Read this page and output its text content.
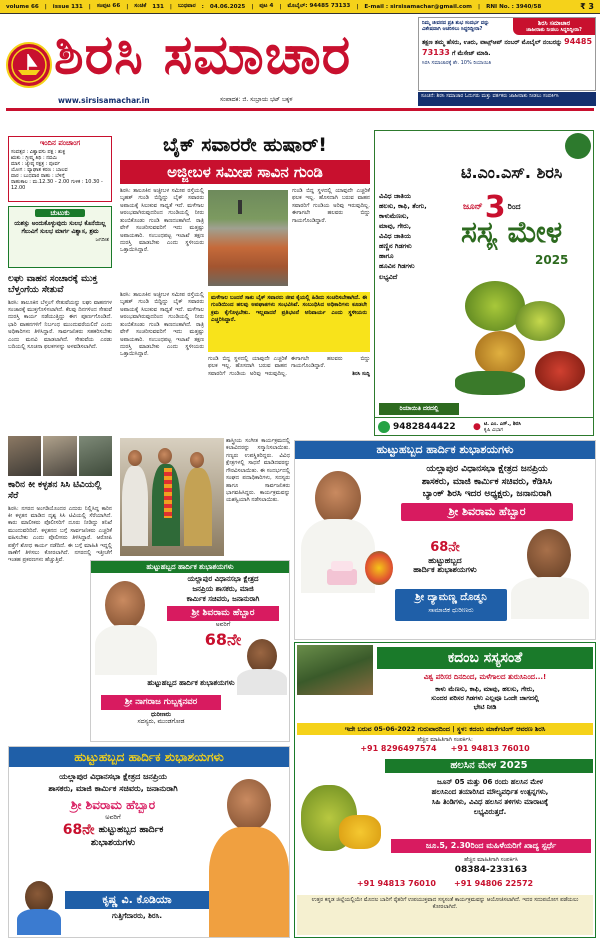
volume 66 | issue 131 | ಸಂಪುಟ 66 | ಸಂಚಿಕೆ 131 | ಬುಧವಾರ : 04.06.2025 | ಪುಟ 4 | ಮೊಬೈಲ್: 94485 73133 | E-mail : sirsisamachar@gmail.com | RNI No. : 3940/58	₹ 3
ಶಿರಸಿ ಸಮಾಚಾರ
www.sirsisamachar.in	ಸಂಪಾದಕ: ಜಿ. ಸುಬ್ರಾಯ ಭಟ್ ಬಕ್ಕಳ
ನಿಮ್ಮ ಜೀವನದ ಪ್ರತಿ ಶುಭ ಸಂದರ್ಭ ವನ್ನು
ವಿಶೇಷವಾಗಿ ಆಚರಿಸಲು ಸಿದ್ಧರಿದ್ದೀರಾ?
ಶಿರಸಿ ಸಮಾಚಾರ
ಜಾಹೀರಾತು ನೀಡಲು ಸಿದ್ಧರಿದ್ದೀರಾ?
ತಕ್ಷಣ ತಮ್ಮ ಹೆಸರು, ಊರು, ವಾಟ್ಸ್‌ಆಪ್ ನಂಬರ್ ಮೊಬೈಲ್ ನಂಬರನ್ನು 94485 73133 ಗೆ ಮೆಸೇಜ್ ಮಾಡಿ.
ಸಿರಸಿ ಸಮಾಚಾರಕ್ಕೆ ಶೇ. 10% ರಿಯಾಯಿತಿ
ಸೂಚನೆ: ಶಿರಸಿ ಸಮಾಚಾರ ಓದುಗರು ಮತ್ತು ವರ್ತಕರು ಜಾಹೀರಾತು ನೀಡಲು ಸಂಪರ್ಕಿಸಿ
ಇಂದಿನ ಪಂಚಾಂಗ
ಸಂವತ್ಸರ : ವಿಶ್ವಾವಸು ಪಕ್ಷ : ಶುಕ್ಲ
ಋತು : ಗ್ರೀಷ್ಮ ತಿಥಿ : ನವಮಿ
ಮಾಸ : ಜ್ಯೇಷ್ಠ ನಕ್ಷತ್ರ : ಪೂರ್ವ
ಯೋಗ : ವ್ಯಾಘಾತ ಕರಣ : ಬಾಲವ
ವಾರ : ಬುಧವಾರ ರಾಹು : ಬೆಳಿಗ್ಗೆ
ರಾಹುಕಾಲ : ಮ.12.30 - 2.00 ಗುಳಿಕ : 10.30 - 12.00
ಚುಟುಕು
ಯಶಸ್ಸು ಅಂದುಕೊಳ್ಳುವುದು ಸುಲಭ ಕೊನೆಯಿಲ್ಲ ಗೆಲುವಿಗೆ ಸುಲಭ ಮಾರ್ಗ ವಿಶ್ವಾಸ, ಶ್ರಮ
ಜಗದೀಶ
ಲಘು ವಾಹನ ಸಂಚಾರಕ್ಕೆ ಮುಕ್ತ ಬೆಳ್ತಂಗೆಯ ಸೇತುವೆ
ಶಿರಸಿ: ತಾಲೂಕಿನ ಬೆಳ್ತಂಗೆ ಸೇತುವೆಯನ್ನು ಲಘು ವಾಹನಗಳ ಸಂಚಾರಕ್ಕೆ ಮುಕ್ತಗೊಳಿಸಲಾಗಿದೆ. ಕೆಲವು ದಿನಗಳಿಂದ ಸೇತುವೆ ದುರಸ್ತಿ ಕಾರ್ಯ ನಡೆಯುತ್ತಿದ್ದು ಈಗ ಪೂರ್ಣಗೊಂಡಿದೆ. ಭಾರಿ ವಾಹನಗಳಿಗೆ ನಿರ್ಬಂಧ ಮುಂದುವರೆಯಲಿದೆ ಎಂದು ಅಧಿಕಾರಿಗಳು ತಿಳಿಸಿದ್ದಾರೆ. ಸಾರ್ವಜನಿಕರು ಸಹಕರಿಸಬೇಕು ಎಂದು ಮನವಿ ಮಾಡಲಾಗಿದೆ. ಸೇತುವೆಯ ಎರಡು ಬದಿಯಲ್ಲಿ ಸೂಚನಾ ಫಲಕಗಳನ್ನು ಅಳವಡಿಸಲಾಗಿದೆ.
ಕಾರಿನ ಕೀ ಕಳ್ಳತನ ಸಿಸಿ ಟಿವಿಯಲ್ಲಿ ಸೆರೆ
ಶಿರಸಿ: ನಗರದ ಅಂಗಡಿಯೊಂದರ ಎದುರು ನಿಲ್ಲಿಸಿದ್ದ ಕಾರಿನ ಕೀ ಕಳ್ಳತನ ಮಾಡಿದ ದೃಶ್ಯ ಸಿಸಿ ಟಿವಿಯಲ್ಲಿ ಸೆರೆಯಾಗಿದೆ. ಕಾರು ಮಾಲೀಕರು ಪೊಲೀಸರಿಗೆ ದೂರು ನೀಡಿದ್ದು ತನಿಖೆ ಮುಂದುವರಿದಿದೆ. ಕಳ್ಳತನದ ಬಗ್ಗೆ ಸಾರ್ವಜನಿಕರು ಎಚ್ಚರಿಕೆ ವಹಿಸಬೇಕು ಎಂದು ಪೊಲೀಸರು ತಿಳಿಸಿದ್ದಾರೆ. ಆರೋಪಿ ಪತ್ತೆಗೆ ಶೋಧ ಕಾರ್ಯ ನಡೆದಿದೆ. ಈ ಬಗ್ಗೆ ಮಾಹಿತಿ ಇದ್ದಲ್ಲಿ ಠಾಣೆಗೆ ತಿಳಿಸಲು ಕೋರಲಾಗಿದೆ. ನಗರದಲ್ಲಿ ಇತ್ತೀಚೆಗೆ ಇಂತಹ ಪ್ರಕರಣಗಳು ಹೆಚ್ಚುತ್ತಿವೆ.
ಬೈಕ್ ಸವಾರರೇ ಹುಷಾರ್!
ಅಜ್ಜೀಬಳ ಸಮೀಪ ಸಾವಿನ ಗುಂಡಿ
ಶಿರಸಿ: ತಾಲೂಕಿನ ಅಜ್ಜೀಬಳ ಸಮೀಪ ರಸ್ತೆಯಲ್ಲಿ ಬೃಹತ್ ಗುಂಡಿ ಬಿದ್ದಿದ್ದು ಬೈಕ್ ಸವಾರರು ಅಪಾಯಕ್ಕೆ ಸಿಲುಕುವ ಸಾಧ್ಯತೆ ಇದೆ. ಮಳೆಗಾಲ ಆರಂಭವಾಗಿರುವುದರಿಂದ ಗುಂಡಿಯಲ್ಲಿ ನೀರು ತುಂಬಿಕೊಂಡು ಗುಂಡಿ ಕಾಣದಂತಾಗಿದೆ. ರಾತ್ರಿ ವೇಳೆ ಸಂಚರಿಸುವವರಿಗೆ ಇದು ಮತ್ತಷ್ಟು ಅಪಾಯಕಾರಿ. ಸಂಬಂಧಪಟ್ಟ ಇಲಾಖೆ ತಕ್ಷಣ ದುರಸ್ತಿ ಮಾಡಬೇಕು ಎಂದು ಸ್ಥಳೀಯರು ಒತ್ತಾಯಿಸಿದ್ದಾರೆ.
ಗುಂಡಿ ಬಿದ್ದ ಸ್ಥಳದಲ್ಲಿ ಯಾವುದೇ ಎಚ್ಚರಿಕೆ ಫಲಕ ಇಲ್ಲ. ಹೊಸದಾಗಿ ಬರುವ ವಾಹನ ಸವಾರರಿಗೆ ಗುಂಡಿಯ ಅರಿವು ಇರುವುದಿಲ್ಲ. ಈಗಾಗಲೇ ಹಲವರು ಬಿದ್ದು ಗಾಯಗೊಂಡಿದ್ದಾರೆ.
ಮಳೆಗಾಲ ಬಂದರೆ ಸಾಕು ಬೈಕ್ ಸವಾರರು ಜೀವ ಕೈಯಲ್ಲಿ ಹಿಡಿದು ಸಂಚರಿಸಬೇಕಾಗಿದೆ. ಈ ಗುಂಡಿಯಿಂದ ಹಲವು ಅಪಘಾತಗಳು ಸಂಭವಿಸಿವೆ. ಸಂಬಂಧಿಸಿದ ಅಧಿಕಾರಿಗಳು ಕೂಡಲೇ ಕ್ರಮ ಕೈಗೊಳ್ಳಬೇಕು. ಇಲ್ಲವಾದರೆ ಪ್ರತಿಭಟನೆ ಅನಿವಾರ್ಯ ಎಂದು ಸ್ಥಳೀಯರು ಎಚ್ಚರಿಸಿದ್ದಾರೆ.
ಶಿರಸಿ: ತಾಲೂಕಿನ ಅಜ್ಜೀಬಳ ಸಮೀಪ ರಸ್ತೆಯಲ್ಲಿ ಬೃಹತ್ ಗುಂಡಿ ಬಿದ್ದಿದ್ದು ಬೈಕ್ ಸವಾರರು ಅಪಾಯಕ್ಕೆ ಸಿಲುಕುವ ಸಾಧ್ಯತೆ ಇದೆ. ಮಳೆಗಾಲ ಆರಂಭವಾಗಿರುವುದರಿಂದ ಗುಂಡಿಯಲ್ಲಿ ನೀರು ತುಂಬಿಕೊಂಡು ಗುಂಡಿ ಕಾಣದಂತಾಗಿದೆ. ರಾತ್ರಿ ವೇಳೆ ಸಂಚರಿಸುವವರಿಗೆ ಇದು ಮತ್ತಷ್ಟು ಅಪಾಯಕಾರಿ. ಸಂಬಂಧಪಟ್ಟ ಇಲಾಖೆ ತಕ್ಷಣ ದುರಸ್ತಿ ಮಾಡಬೇಕು ಎಂದು ಸ್ಥಳೀಯರು ಒತ್ತಾಯಿಸಿದ್ದಾರೆ.
ಗುಂಡಿ ಬಿದ್ದ ಸ್ಥಳದಲ್ಲಿ ಯಾವುದೇ ಎಚ್ಚರಿಕೆ ಫಲಕ ಇಲ್ಲ. ಹೊಸದಾಗಿ ಬರುವ ವಾಹನ ಸವಾರರಿಗೆ ಗುಂಡಿಯ ಅರಿವು ಇರುವುದಿಲ್ಲ. ಈಗಾಗಲೇ ಹಲವರು ಬಿದ್ದು ಗಾಯಗೊಂಡಿದ್ದಾರೆ.
ಶಿರಸಿ ಸುದ್ದಿ
ಟಿ.ಎಂ.ಎಸ್. ಶಿರಸಿ
ಜೂನ್ 3 ರಿಂದ
ಸಸ್ಯ ಮೇಳ
2025
ವಿವಿಧ ಜಾತಿಯ
ಹಲಸು, ಕಾಫಿ, ತೆಂಗು,
ಕಾಳುಮೆಣಸು,
ಮಾವು, ಗೇರು,
ವಿವಿಧ ಜಾತಿಯ
ಹಣ್ಣಿನ ಗಿಡಗಳು
ಹಾಗೂ
ಹೂವಿನ ಗಿಡಗಳು
ಲಭ್ಯವಿದೆ
ರಿಯಾಯಿತಿ ದರದಲ್ಲಿ
9482844422	● ಟಿ. ಎಂ. ಎಸ್., ಶಿರಸಿ
ಕೃಷಿ ವಿಭಾಗ
ಶಾಸ್ತ್ರೀಯ ಸಂಗೀತ ಕಾರ್ಯಕ್ರಮದಲ್ಲಿ ಕಲಾವಿದರನ್ನು ಸನ್ಮಾನಿಸಲಾಯಿತು. ಗಣ್ಯರು ಉಪಸ್ಥಿತರಿದ್ದರು. ವಿವಿಧ ಕ್ಷೇತ್ರಗಳಲ್ಲಿ ಸಾಧನೆ ಮಾಡಿದವರನ್ನು ಗೌರವಿಸಲಾಯಿತು. ಈ ಸಂದರ್ಭದಲ್ಲಿ ಸಂಘದ ಪದಾಧಿಕಾರಿಗಳು, ಸದಸ್ಯರು ಹಾಗೂ ಸಾರ್ವಜನಿಕರು ಭಾಗವಹಿಸಿದ್ದರು. ಕಾರ್ಯಕ್ರಮವನ್ನು ಯಶಸ್ವಿಯಾಗಿ ನಡೆಸಲಾಯಿತು.
ಹುಟ್ಟುಹಬ್ಬದ ಹಾರ್ದಿಕ ಶುಭಾಶಯಗಳು
ಯಲ್ಲಾಪುರ ವಿಧಾನಸಭಾ ಕ್ಷೇತ್ರದ ಜನಪ್ರಿಯ
ಶಾಸಕರು, ಮಾಜಿ ಕಾರ್ಮಿಕ ಸಚಿವರು, ಕೆಡಿಸಿಸಿ
ಬ್ಯಾಂಕ್ ಶಿರಸಿ ಇದರ ಅಧ್ಯಕ್ಷರು, ಜನಾನುರಾಗಿ
ಶ್ರೀ ಶಿವರಾಮ ಹೆಬ್ಬಾರ
68ನೇ
ಹುಟ್ಟುಹಬ್ಬದ
ಹಾರ್ದಿಕ ಶುಭಾಶಯಗಳು
ಶ್ರೀ ದ್ಯಾಮಣ್ಣ ದೊಡ್ಮನಿ
ಸಾಮಾಜಿಕ ಧುರೀಣರು
ಹುಟ್ಟುಹಬ್ಬದ ಹಾರ್ದಿಕ ಶುಭಾಶಯಗಳು
ಯಲ್ಲಾಪುರ ವಿಧಾನಸಭಾ ಕ್ಷೇತ್ರದ
ಜನಪ್ರಿಯ ಶಾಸಕರು, ಮಾಜಿ
ಕಾರ್ಮಿಕ ಸಚಿವರು, ಜನಾನುರಾಗಿ
ಶ್ರೀ ಶಿವರಾಮ ಹೆಬ್ಬಾರ
ಅವರಿಗೆ
68ನೇ
ಹುಟ್ಟುಹಬ್ಬದ ಹಾರ್ದಿಕ ಶುಭಾಶಯಗಳು
ಶ್ರೀ ನಾಗರಾಜ ಗುಬ್ಬಕ್ಕನವರ
ಧುರೀಣರು
ಸದಸ್ಯರು, ಮುಂಡಗೋಡ
ಕದಂಬ ಸಸ್ಯಸಂತೆ
ವಿಶ್ವ ಪರಿಸರ ದಿನದಿಂದ, ಮಳೆಗಾಲದ ತುರುಸಿನಿಂದ...!
ಕಾಳು ಮೆಣಸು, ಕಾಫಿ, ಮಾವು, ಹಲಸು, ಗೇರು,
ಸುಂದರ ಪರಿಸರ ಗಿಡಗಳು ಎಲ್ಲವೂ ಒಂದೇ ಜಾಗದಲ್ಲಿ
ಭೇಟಿ ನೀಡಿ
ಇದೇ ಬರುವ 05-06-2022 ಗುರುವಾರದಿಂದ | ಸ್ಥಳ: ಕದಂಬ ಮಾರ್ಕೆಟಿಂಗ್ ಆವರಣ ಶಿರಸಿ
ಹೆಚ್ಚಿನ ಮಾಹಿತಿಗಾಗಿ ಸಂಪರ್ಕಿಸಿ:
+91 8296497574 +91 94813 76010
ಹಲಸಿನ ಮೇಳ 2025
ಜೂನ್ 05 ಮತ್ತು 06 ರಂದು ಹಲಸಿನ ಮೇಳ
ಹಲಸಿನಿಂದ ತಯಾರಿಸಿದ ಮೌಲ್ಯವರ್ಧಿತ ಉತ್ಪನ್ನಗಳು,
ಸಿಹಿ ತಿಂಡಿಗಳು, ವಿವಿಧ ಹಲಸಿನ ತಳಿಗಳು ಮಾರಾಟಕ್ಕೆ
ಲಭ್ಯವಿರುತ್ತದೆ.
ಜೂ.5, 2.30ರಿಂದ ಮಹಿಳೆಯರಿಗೆ ಖಾದ್ಯ ಸ್ಪರ್ಧೆ
ಹೆಚ್ಚಿನ ಮಾಹಿತಿಗಾಗಿ ಸಂಪರ್ಕಿಸಿ
08384-233163
+91 94813 76010 +91 94806 22572
ಉತ್ತರ ಕನ್ನಡ ಜಿಲ್ಲೆಯಲ್ಲಿಯೇ ಮೊದಲ ಬಾರಿಗೆ ರೈತರಿಗೆ ಉಪಯುಕ್ತವಾದ ಸಸ್ಯಸಂತೆ ಕಾರ್ಯಕ್ರಮವನ್ನು ಆಯೋಜಿಸಲಾಗಿದೆ. ಇದರ ಸದುಪಯೋಗ ಪಡೆಯಲು ಕೋರಲಾಗಿದೆ.
ಹುಟ್ಟುಹಬ್ಬದ ಹಾರ್ದಿಕ ಶುಭಾಶಯಗಳು
ಯಲ್ಲಾಪುರ ವಿಧಾನಸಭಾ ಕ್ಷೇತ್ರದ ಜನಪ್ರಿಯ
ಶಾಸಕರು, ಮಾಜಿ ಕಾರ್ಮಿಕ ಸಚಿವರು, ಜನಾನುರಾಗಿ
ಶ್ರೀ ಶಿವರಾಮ ಹೆಬ್ಬಾರ
ಅವರಿಗೆ
68ನೇ ಹುಟ್ಟುಹಬ್ಬದ ಹಾರ್ದಿಕ
ಶುಭಾಶಯಗಳು
ಕೃಷ್ಣ ವಿ. ಕೊಡಿಯಾ
ಗುತ್ತಿಗೆದಾರರು, ಶಿರಸಿ.
